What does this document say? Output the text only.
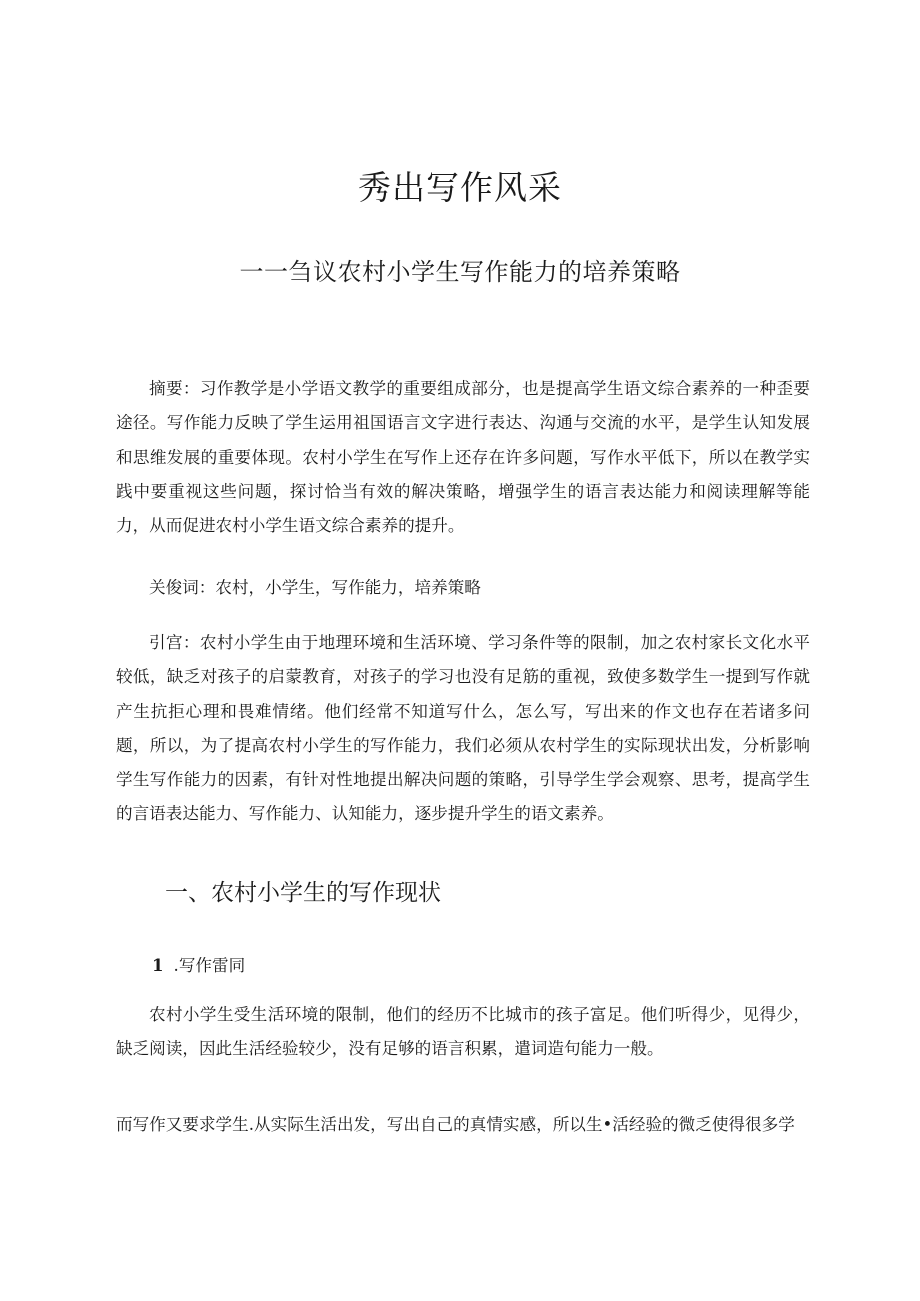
秀出写作风采
一一刍议农村小学生写作能力的培养策略

摘要：习作教学是小学语文教学的重要组成部分，也是提高学生语文综合素养的一种歪要途径。写作能力反映了学生运用祖国语言文字进行表达、沟通与交流的水平，是学生认知发展和思维发展的重要体现。农村小学生在写作上还存在许多问题，写作水平低下，所以在教学实践中要重视这些问题，探讨恰当有效的解决策略，增强学生的语言表达能力和阅读理解等能力，从而促进农村小学生语文综合素养的提升。

关俊词：农村，小学生，写作能力，培养策略

引宫：农村小学生由于地理环境和生活环境、学习条件等的限制，加之农村家长文化水平较低，缺乏对孩子的启蒙教育，对孩子的学习也没有足筋的重视，致使多数学生一提到写作就产生抗拒心理和畏难情绪。他们经常不知道写什么，怎么写，写出来的作文也存在若诸多问题，所以，为了提高农村小学生的写作能力，我们必须从农村学生的实际现状出发，分析影响学生写作能力的因素，有针对性地提出解决问题的策略，引导学生学会观察、思考，提高学生的言语表达能力、写作能力、认知能力，逐步提升学生的语文素养。

一、农村小学生的写作现状
1 .写作雷同

农村小学生受生活环境的限制，他们的经历不比城市的孩子富足。他们听得少，见得少，缺乏阅读，因此生活经验较少，没有足够的语言积累，遣词造句能力一般。

而写作又要求学生.从实际生活出发，写出自己的真情实感，所以生•活经验的微乏使得很多学
